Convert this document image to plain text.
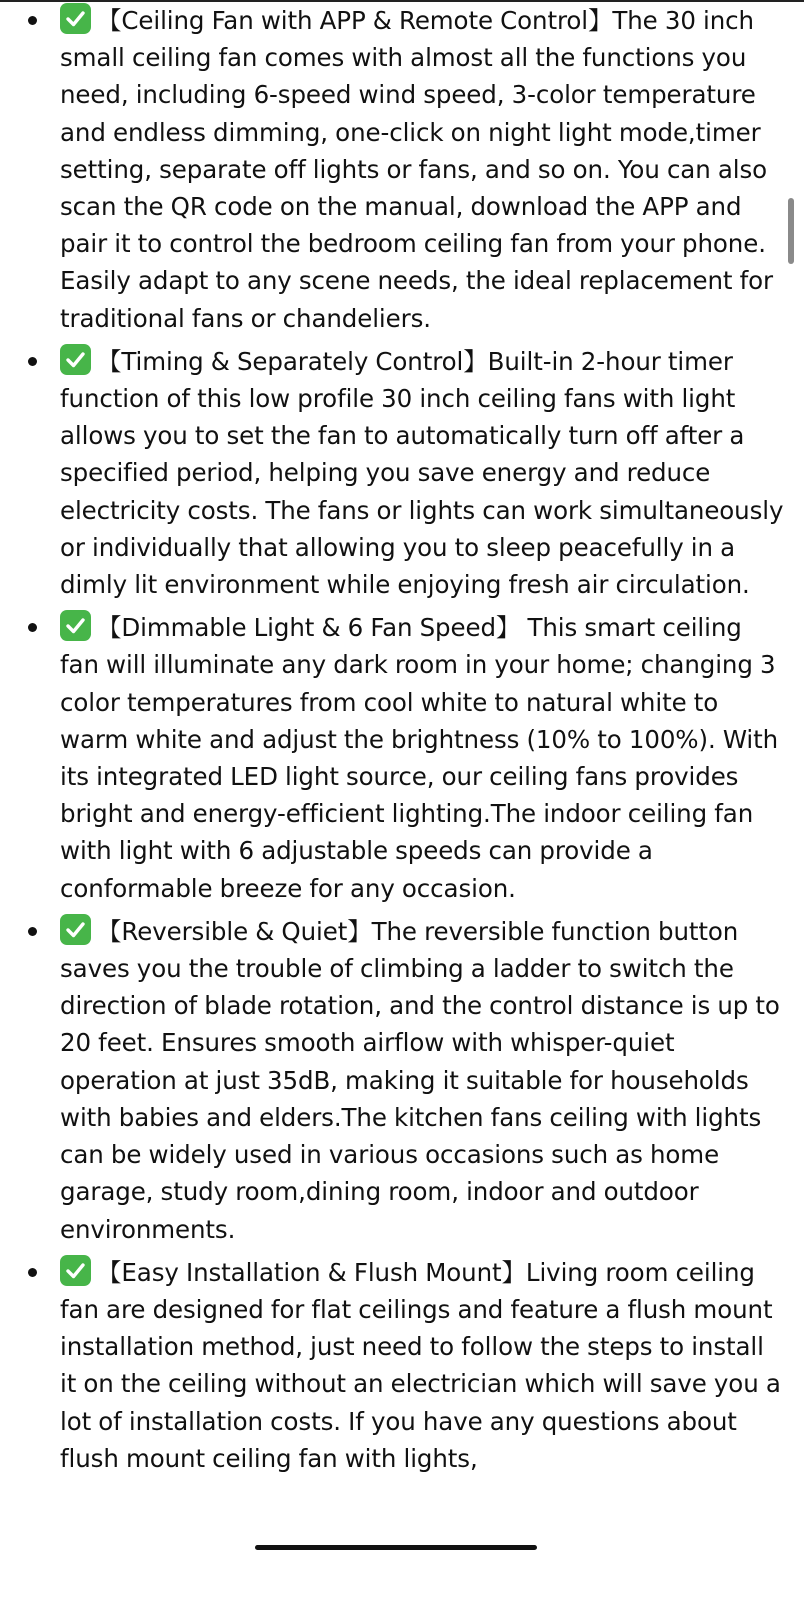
【Ceiling Fan with APP & Remote Control】The 30 inch small ceiling fan comes with almost all the functions you need, including 6-speed wind speed, 3-color temperature and endless dimming, one-click on night light mode,timer setting, separate off lights or fans, and so on. You can also scan the QR code on the manual, download the APP and pair it to control the bedroom ceiling fan from your phone. Easily adapt to any scene needs, the ideal replacement for traditional fans or chandeliers.
【Timing & Separately Control】Built-in 2-hour timer function of this low profile 30 inch ceiling fans with light allows you to set the fan to automatically turn off after a specified period, helping you save energy and reduce electricity costs. The fans or lights can work simultaneously or individually that allowing you to sleep peacefully in a dimly lit environment while enjoying fresh air circulation.
【Dimmable Light & 6 Fan Speed】 This smart ceiling fan will illuminate any dark room in your home; changing 3 color temperatures from cool white to natural white to warm white and adjust the brightness (10% to 100%). With its integrated LED light source, our ceiling fans provides bright and energy-efficient lighting.The indoor ceiling fan with light with 6 adjustable speeds can provide a conformable breeze for any occasion.
【Reversible & Quiet】The reversible function button saves you the trouble of climbing a ladder to switch the direction of blade rotation, and the control distance is up to 20 feet. Ensures smooth airflow with whisper-quiet operation at just 35dB, making it suitable for households with babies and elders.The kitchen fans ceiling with lights can be widely used in various occasions such as home garage, study room,dining room, indoor and outdoor environments.
【Easy Installation & Flush Mount】Living room ceiling fan are designed for flat ceilings and feature a flush mount installation method, just need to follow the steps to install it on the ceiling without an electrician which will save you a lot of installation costs. If you have any questions about flush mount ceiling fan with lights,
